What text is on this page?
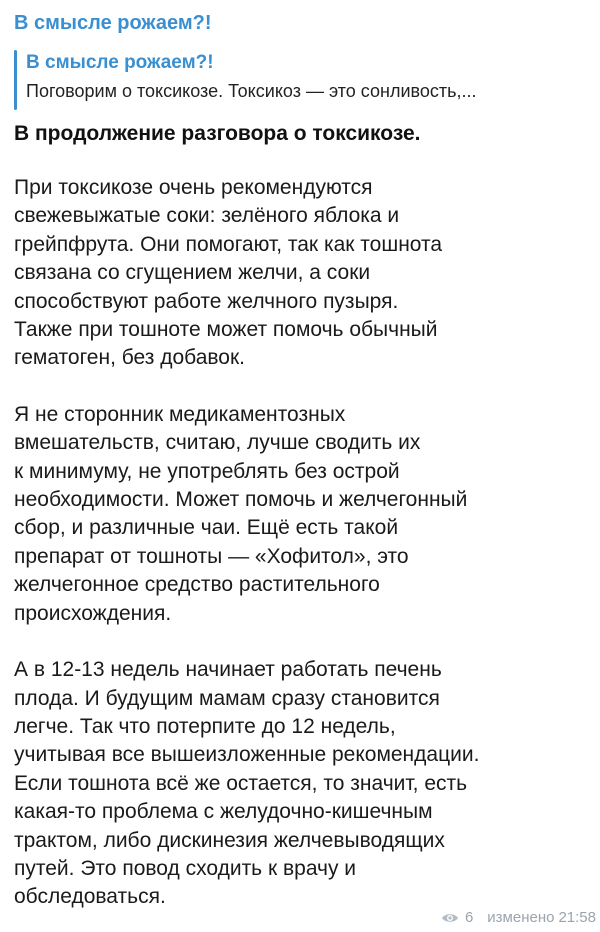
В смысле рожаем?!
В смысле рожаем?!
Поговорим о токсикозе. Токсикоз — это сонливость,...
В продолжение разговора о токсикозе.
При токсикозе очень рекомендуются
свежевыжатые соки: зелёного яблока и
грейпфрута. Они помогают, так как тошнота
связана со сгущением желчи, а соки
способствуют работе желчного пузыря.
Также при тошноте может помочь обычный
гематоген, без добавок.
Я не сторонник медикаментозных
вмешательств, считаю, лучше сводить их
к минимуму, не употреблять без острой
необходимости. Может помочь и желчегонный
сбор, и различные чаи. Ещё есть такой
препарат от тошноты — «Хофитол», это
желчегонное средство растительного
происхождения.
А в 12-13 недель начинает работать печень
плода. И будущим мамам сразу становится
легче. Так что потерпите до 12 недель,
учитывая все вышеизложенные рекомендации.
Если тошнота всё же остается, то значит, есть
какая-то проблема с желудочно-кишечным
трактом, либо дискинезия желчевыводящих
путей. Это повод сходить к врачу и
обследоваться.
6 изменено 21:58
